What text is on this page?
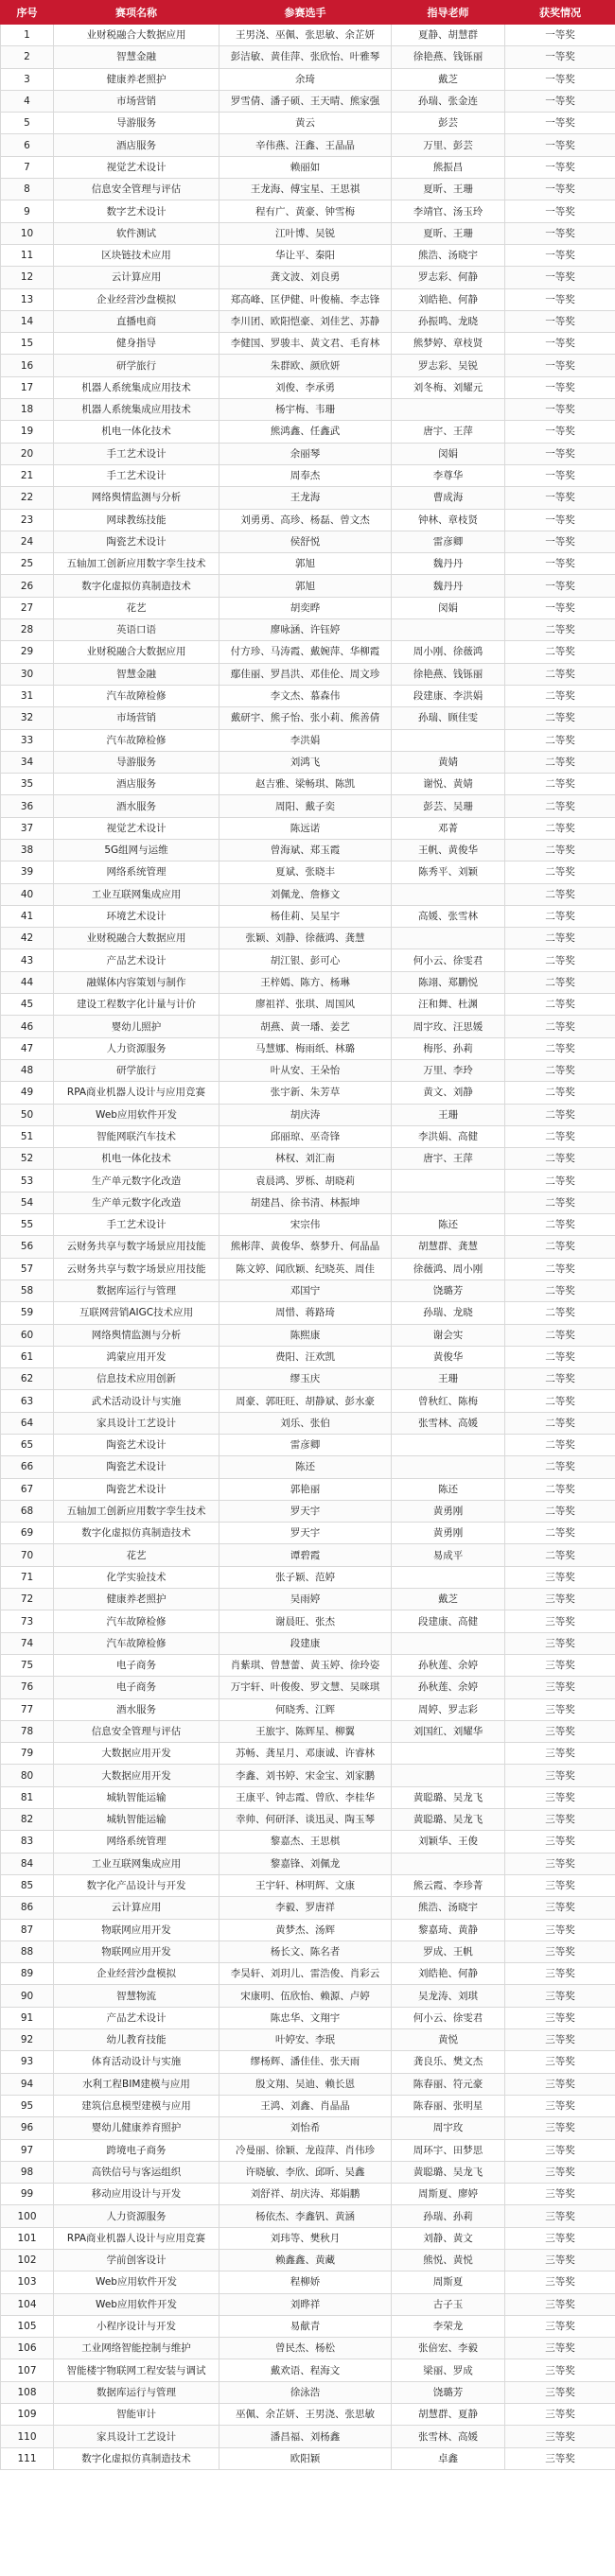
序号	赛项名称	参赛选手	指导老师	获奖情况
1	业财税融合大数据应用	王男浇、巫佩、张思敏、余芷妍	夏静、胡慧群	一等奖
2	智慧金融	彭洁敏、黄佳萍、张欣怡、叶雅琴	徐艳燕、钱铄丽	一等奖
3	健康养老照护	余琦	戴芝	一等奖
4	市场营销	罗雪倩、潘子硕、王天晴、熊家强	孙瑞、张金连	一等奖
5	导游服务	黄云	彭芸	一等奖
6	酒店服务	辛伟燕、汪鑫、王晶晶	万里、彭芸	一等奖
7	视觉艺术设计	赖丽如	熊振昌	一等奖
8	信息安全管理与评估	王龙海、傅宝星、王思祺	夏昕、王珊	一等奖
9	数字艺术设计	程有广、黄豪、钟雪梅	李靖官、汤玉玲	一等奖
10	软件测试	江叶博、吴锐	夏昕、王珊	一等奖
11	区块链技术应用	华让平、秦阳	熊浩、汤晓宇	一等奖
12	云计算应用	龚文波、刘良勇	罗志彩、何静	一等奖
13	企业经营沙盘模拟	郑高峰、匡伊健、叶俊楠、李志锋	刘皓艳、何静	一等奖
14	直播电商	李川团、欧阳恺豪、刘佳艺、苏静	孙振鸣、龙晓	一等奖
15	健身指导	李健国、罗骏丰、黄文君、毛育林	熊梦婷、章枝贤	一等奖
16	研学旅行	朱群欧、颜欣妍	罗志彩、吴锐	一等奖
17	机器人系统集成应用技术	刘俊、李承勇	刘冬梅、刘耀元	一等奖
18	机器人系统集成应用技术	杨宇梅、韦珊		一等奖
19	机电一体化技术	熊鸿鑫、任鑫武	唐宇、王萍	一等奖
20	手工艺术设计	余丽琴	闵娟	一等奖
21	手工艺术设计	周奉杰	李尊华	一等奖
22	网络舆情监测与分析	王龙海	曹成海	一等奖
23	网球教练技能	刘勇勇、高珍、杨磊、曾文杰	钟林、章枝贤	一等奖
24	陶瓷艺术设计	侯舒悦	雷彦卿	一等奖
25	五轴加工创新应用数字孪生技术	郭旭	魏丹丹	一等奖
26	数字化虚拟仿真制造技术	郭旭	魏丹丹	一等奖
27	花艺	胡奕晔	闵娟	一等奖
28	英语口语	廖咏涵、许钰婷		二等奖
29	业财税融合大数据应用	付方珍、马涛霞、戴婉萍、华柳霞	周小刚、徐薇鸿	二等奖
30	智慧金融	鄢佳丽、罗昌洪、邓佳伦、周文珍	徐艳燕、钱铄丽	二等奖
31	汽车故障检修	李文杰、慕森伟	段建康、李洪娟	二等奖
32	市场营销	戴研宇、熊子怡、张小莉、熊善倩	孙瑞、顾佳雯	二等奖
33	汽车故障检修	李洪娟		二等奖
34	导游服务	刘鸿飞	黄婧	二等奖
35	酒店服务	赵吉雅、梁畅琪、陈凯	谢悦、黄婧	二等奖
36	酒水服务	周阳、戴子奕	彭芸、吴珊	二等奖
37	视觉艺术设计	陈远诺	邓菁	二等奖
38	5G组网与运维	曾海斌、郑玉霞	王帆、黄俊华	二等奖
39	网络系统管理	夏斌、张晓丰	陈秀平、刘颖	二等奖
40	工业互联网集成应用	刘佩龙、詹修文		二等奖
41	环境艺术设计	杨佳莉、吴星宇	高媛、张雪林	二等奖
42	业财税融合大数据应用	张颖、刘静、徐薇鸿、龚慧		二等奖
43	产品艺术设计	胡江银、彭可心	何小云、徐雯君	二等奖
44	融媒体内容策划与制作	王梓嫣、陈方、杨琳	陈翊、郑鹏悦	二等奖
45	建设工程数字化计量与计价	廖祖祥、张琪、周国风	汪和舞、杜渊	二等奖
46	婴幼儿照护	胡燕、黄一璠、姜艺	周宇玫、汪思媛	二等奖
47	人力资源服务	马慧娜、梅雨纸、林璐	梅彤、孙莉	二等奖
48	研学旅行	叶从安、王朵怡	万里、李玲	二等奖
49	RPA商业机器人设计与应用竞赛	张宇新、朱芳草	黄文、刘静	二等奖
50	Web应用软件开发	胡庆涛	王珊	二等奖
51	智能网联汽车技术	邱丽琼、巫奇锋	李洪娟、高健	二等奖
52	机电一体化技术	林权、刘汇南	唐宇、王萍	二等奖
53	生产单元数字化改造	袁晨鸿、罗栎、胡晓莉		二等奖
54	生产单元数字化改造	胡建昌、徐书清、林振坤		二等奖
55	手工艺术设计	宋宗伟	陈还	二等奖
56	云财务共享与数字场景应用技能	熊彬萍、黄俊华、蔡梦升、何晶晶	胡慧群、龚慧	二等奖
57	云财务共享与数字场景应用技能	陈文婷、闻欣颖、纪晓英、周佳	徐薇鸿、周小刚	二等奖
58	数据库运行与管理	邓国宁	饶璐芳	二等奖
59	互联网营销AIGC技术应用	周惜、蒋路琦	孙瑞、龙晓	二等奖
60	网络舆情监测与分析	陈熙康	谢会实	二等奖
61	鸿蒙应用开发	费阳、汪欢凯	黄俊华	二等奖
62	信息技术应用创新	缪玉庆	王珊	二等奖
63	武术活动设计与实施	周豪、郭旺旺、胡静斌、彭水豪	曾秋红、陈梅	二等奖
64	家具设计工艺设计	刘乐、张伯	张雪林、高媛	二等奖
65	陶瓷艺术设计	雷彦卿		二等奖
66	陶瓷艺术设计	陈还		二等奖
67	陶瓷艺术设计	郭艳丽	陈还	二等奖
68	五轴加工创新应用数字孪生技术	罗天宇	黄勇刚	二等奖
69	数字化虚拟仿真制造技术	罗天宇	黄勇刚	二等奖
70	花艺	谭碧霞	易成平	二等奖
71	化学实验技术	张子颖、范婷		三等奖
72	健康养老照护	吴雨婷	戴芝	三等奖
73	汽车故障检修	谢晨旺、张杰	段建康、高健	三等奖
74	汽车故障检修	段建康		三等奖
75	电子商务	肖紫琪、曾慧蕾、黄玉婷、徐玲姿	孙秋莲、余婷	三等奖
76	电子商务	万宇轩、叶俊俊、罗文慧、吴咪琪	孙秋莲、余婷	三等奖
77	酒水服务	何晓秀、江辉	周婷、罗志彩	三等奖
78	信息安全管理与评估	王旅宇、陈辉星、柳翼	刘国红、刘耀华	三等奖
79	大数据应用开发	苏畅、龚星月、邓康诚、许睿林		三等奖
80	大数据应用开发	李鑫、刘书婷、宋金宝、刘家鹏		三等奖
81	城轨智能运输	王康平、钟志霞、曾欣、李桂华	黄聪璐、吴龙飞	三等奖
82	城轨智能运输	幸帅、何研泽、谈迅灵、陶玉琴	黄聪璐、吴龙飞	三等奖
83	网络系统管理	黎嘉杰、王思棋	刘颖华、王俊	三等奖
84	工业互联网集成应用	黎嘉锋、刘佩龙		三等奖
85	数字化产品设计与开发	王宇轩、林明辉、文康	熊云霞、李珍菁	三等奖
86	云计算应用	李毅、罗唐祥	熊浩、汤晓宇	三等奖
87	物联网应用开发	黄梦杰、汤辉	黎嘉琦、黄静	三等奖
88	物联网应用开发	杨长文、陈名者	罗成、王帆	三等奖
89	企业经营沙盘模拟	李昊轩、刘玥儿、雷浩俊、肖彩云	刘皓艳、何静	三等奖
90	智慧物流	宋康明、伍欣怡、赖源、卢婷	吴龙涛、刘琪	三等奖
91	产品艺术设计	陈忠华、文翔宇	何小云、徐雯君	三等奖
92	幼儿教育技能	叶婷安、李珉	黄悦	三等奖
93	体育活动设计与实施	缪杨辉、潘佳佳、张天雨	龚良乐、樊文杰	三等奖
94	水利工程BIM建模与应用	殷文翔、吴迪、赖长恩	陈春丽、符元豪	三等奖
95	建筑信息模型建模与应用	王鸿、刘鑫、肖晶晶	陈春丽、张明星	三等奖
96	婴幼儿健康养育照护	刘怡希	周宇玫	三等奖
97	跨境电子商务	冷曼丽、徐颖、龙葭萍、肖伟珍	周环宇、田梦思	三等奖
98	高铁信号与客运组织	许晓敏、李欣、邱昕、吴鑫	黄聪璐、吴龙飞	三等奖
99	移动应用设计与开发	刘舒祥、胡庆涛、郑娟鹏	周斯夏、廖婷	三等奖
100	人力资源服务	杨依杰、李鑫钒、黄涵	孙瑞、孙莉	三等奖
101	RPA商业机器人设计与应用竞赛	刘玮等、樊秋月	刘静、黄文	三等奖
102	学前创客设计	赖鑫鑫、黄藏	熊悦、黄悦	三等奖
103	Web应用软件开发	程柳娇	周斯夏	三等奖
104	Web应用软件开发	刘晔祥	古子玉	三等奖
105	小程序设计与开发	易献青	李荣龙	三等奖
106	工业网络智能控制与维护	曾民杰、杨松	张倍宏、李毅	三等奖
107	智能楼宇物联网工程安装与调试	戴欢语、程海文	梁丽、罗成	三等奖
108	数据库运行与管理	徐泳浩	饶璐芳	三等奖
109	智能审计	巫佩、余芷妍、王男浇、张思敏	胡慧群、夏静	三等奖
110	家具设计工艺设计	潘昌福、刘杨鑫	张雪林、高媛	三等奖
111	数字化虚拟仿真制造技术	欧阳颖	卓鑫	三等奖
